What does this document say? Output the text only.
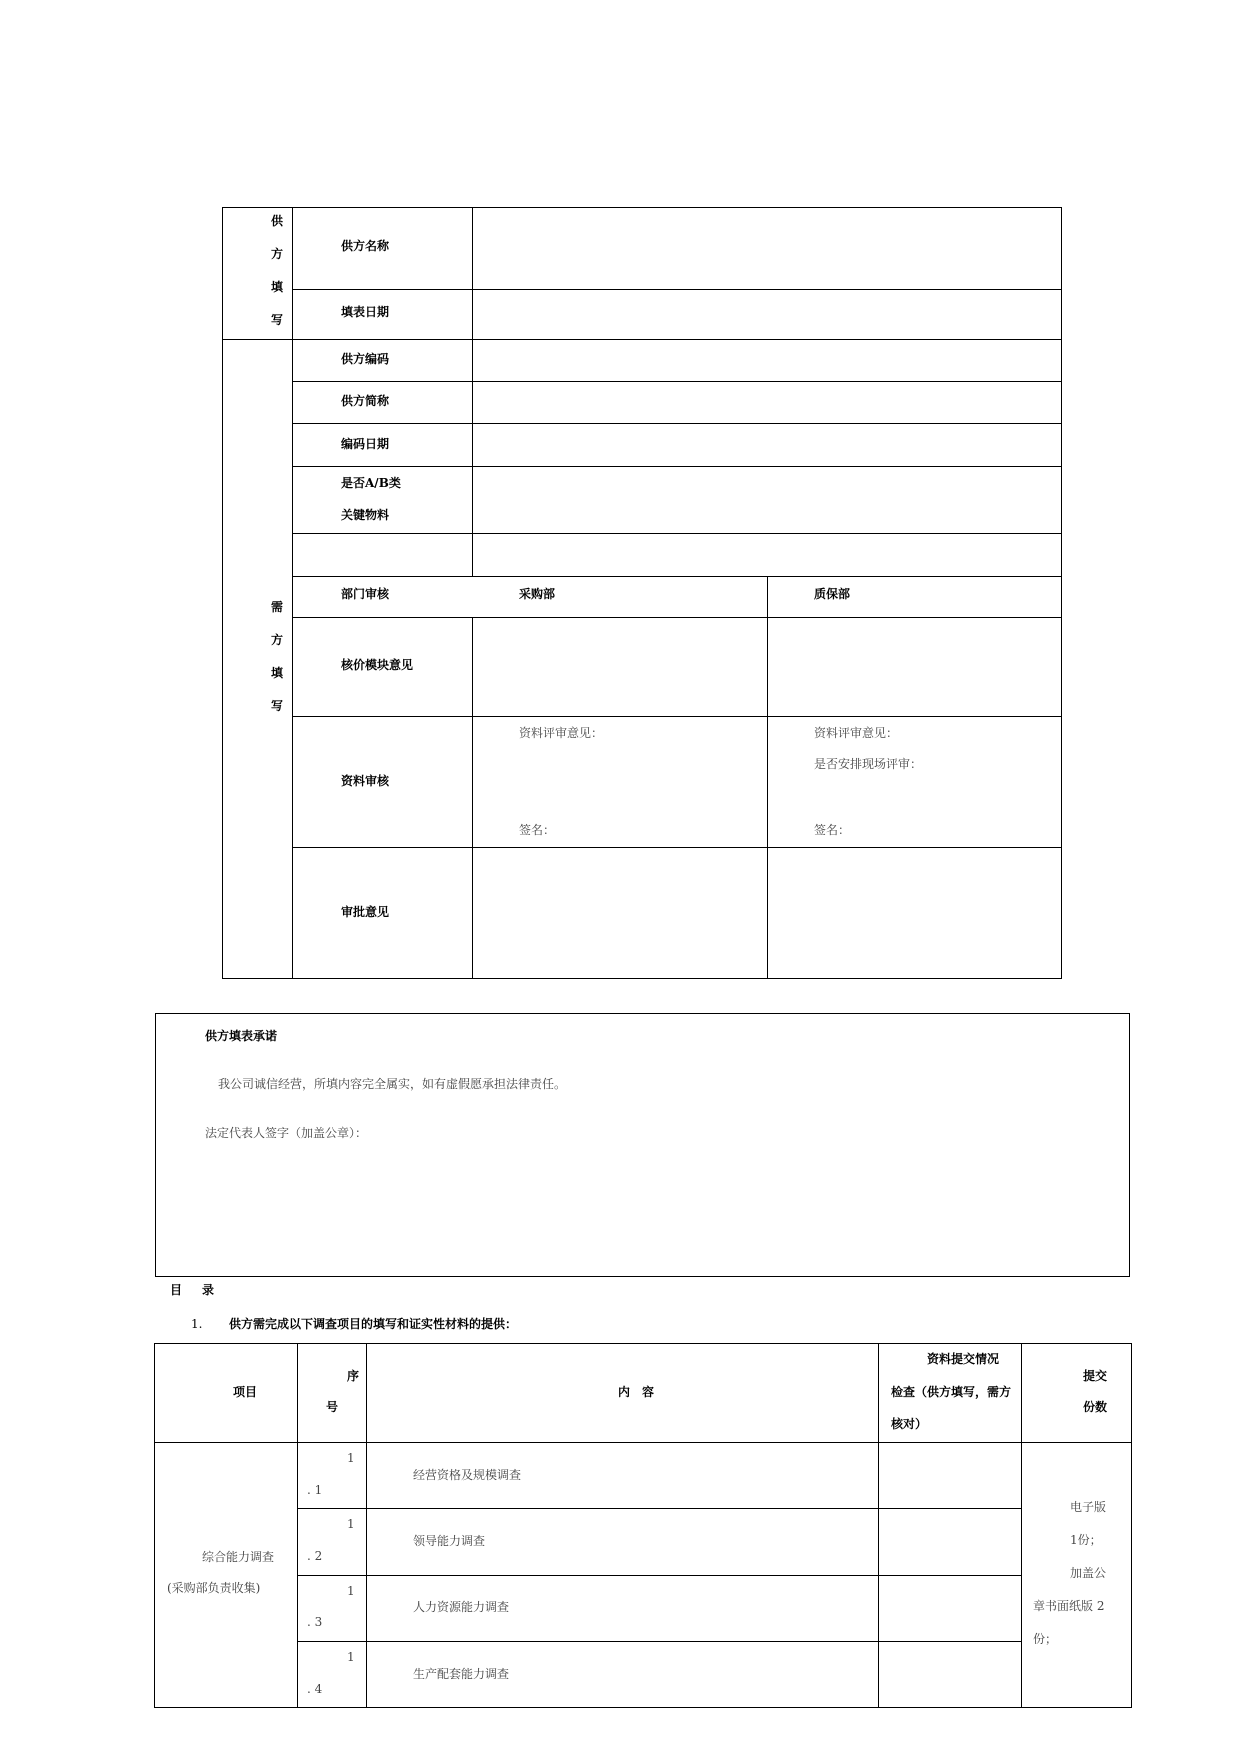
供
方
填
写
需
方
填
写
供方名称
填表日期
供方编码
供方简称
编码日期
是否A/B类
关键物料
部门审核	采购部	质保部
核价模块意见
资料审核
审批意见
资料评审意见：
签名：
资料评审意见：
是否安排现场评审：
签名：
供方填表承诺
我公司诚信经营，所填内容完全属实，如有虚假愿承担法律责任。
法定代表人签字（加盖公章）：
目　录
1. 供方需完成以下调查项目的填写和证实性材料的提供：
项目
序
号
内　容
资料提交情况
检查（供方填写，需方
核对）
提交
份数
综合能力调查
(采购部负责收集)
1
. 1
经营资格及规模调查
1
. 2
领导能力调查
1
. 3
人力资源能力调查
1
. 4
生产配套能力调查
电子版
1份；
加盖公
章书面纸版 2
份；
